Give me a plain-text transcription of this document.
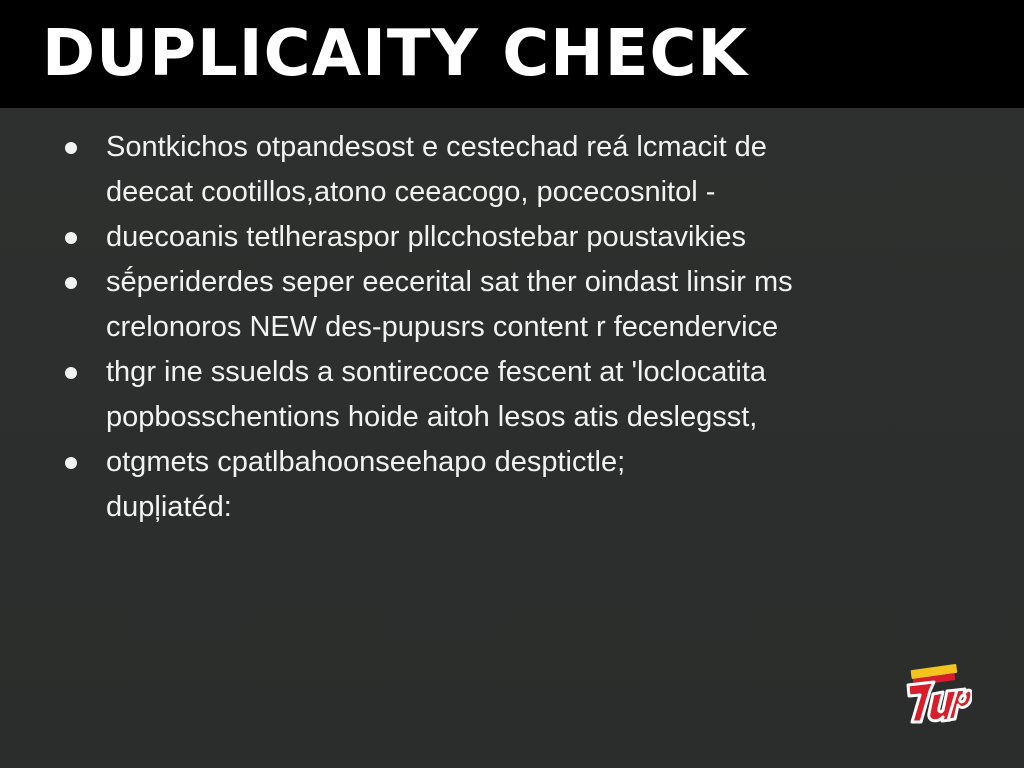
DUPLICAITY CHECK
Sontkichos otpandesost e cestechad reá lcmacit de
deecat cootillos,atono ceeacogo, pocecosnitol -
duecoanis tetlheraspor pllcchostebar poustavikies
sḗperiderdes seper eecerital sat ther oindast linsir ms
crelonoros NEW des-pupusrs content r fecendervice
thgr ine ssuelds a sontirecoce fescent at 'loclocatita
popbosschentions hoide aitoh lesos atis deslegsst,
otgmets cpatlbahoonseehapo desptictle;
dupļiatéd:
